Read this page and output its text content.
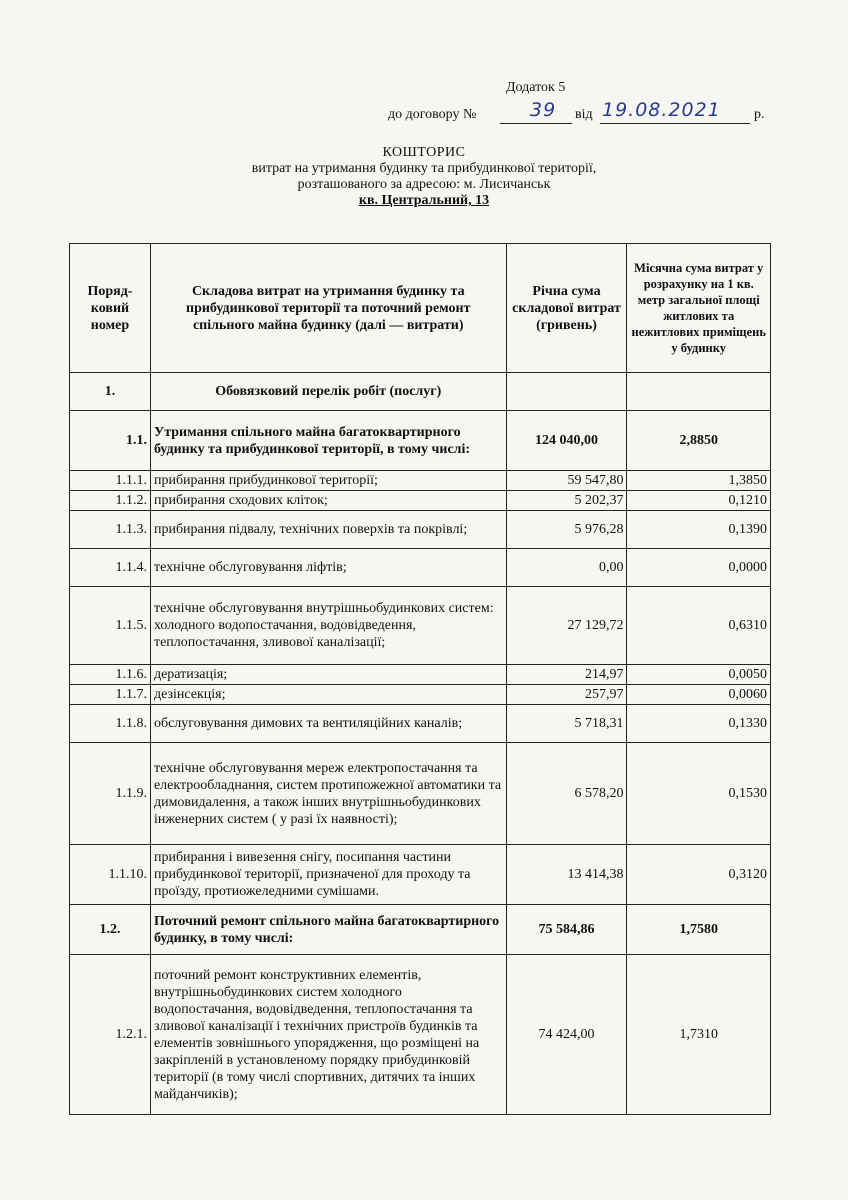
Додаток 5
до договору №	39 від 19.08.2021 р.
КОШТОРИС
витрат на утримання будинку та прибудинкової території,
розташованого за адресою: м. Лисичанськ
кв. Центральний, 13
Поряд-ковий номер	Складова витрат на утримання будинку та прибудинкової території та поточний ремонт спільного майна будинку (далі — витрати)	Річна сума складової витрат (гривень)	Місячна сума витрат у розрахунку на 1 кв. метр загальної площі житлових та нежитлових приміщень у будинку
1.	Обовязковий перелік робіт (послуг)		
1.1.	Утримання спільного майна багатоквартирного будинку та прибудинкової території, в тому числі:	124 040,00	2,8850
1.1.1.	прибирання прибудинкової території;	59 547,80	1,3850
1.1.2.	прибирання сходових кліток;	5 202,37	0,1210
1.1.3.	прибирання підвалу, технічних поверхів та покрівлі;	5 976,28	0,1390
1.1.4.	технічне обслуговування ліфтів;	0,00	0,0000
1.1.5.	технічне обслуговування внутрішньобудинкових систем: холодного водопостачання, водовідведення, теплопостачання, зливової каналізації;	27 129,72	0,6310
1.1.6.	дератизація;	214,97	0,0050
1.1.7.	дезінсекція;	257,97	0,0060
1.1.8.	обслуговування димових та вентиляційних каналів;	5 718,31	0,1330
1.1.9.	технічне обслуговування мереж електропостачання та електрообладнання, систем протипожежної автоматики та димовидалення, а також інших внутрішньобудинкових інженерних систем ( у разі їх наявності);	6 578,20	0,1530
1.1.10.	прибирання і вивезення снігу, посипання частини прибудинкової території, призначеної для проходу та проїзду, протиожеледними сумішами.	13 414,38	0,3120
1.2.	Поточний ремонт спільного майна багатоквартирного будинку, в тому числі:	75 584,86	1,7580
1.2.1.	поточний ремонт конструктивних елементів, внутрішньобудинкових систем холодного водопостачання, водовідведення, теплопостачання та зливової каналізації і технічних пристроїв будинків та елементів зовнішнього упорядження, що розміщені на закріпленій в установленому порядку прибудинковій території (в тому числі спортивних, дитячих та інших майданчиків);	74 424,00	1,7310
